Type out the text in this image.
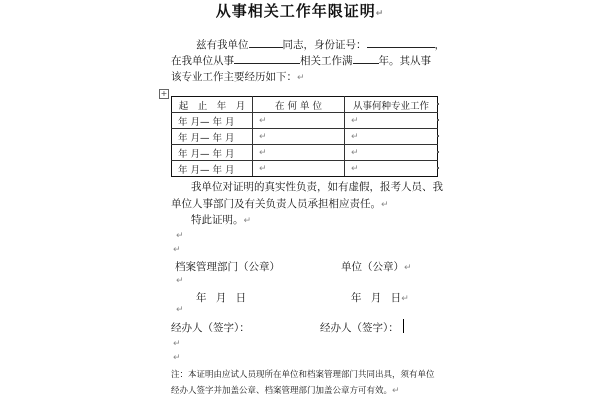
从事相关工作年限证明↵
兹有我单位	同志，身份证号：	，
在我单位从事	相关工作满 年。其从事
该专业工作主要经历如下：↵
+
起　止　年　月	在 何 单 位	从事何种专业工作
年 月— 年 月	↵	↵
年 月— 年 月	↵	↵
年 月— 年 月	↵	↵
年 月— 年 月	↵	↵
我单位对证明的真实性负责，如有虚假，报考人员、我
单位人事部门及有关负责人员承担相应责任。↵
特此证明。↵
↵
↵
档案管理部门（公章）	单位（公章）↵
↵
年 月 日	年 月 日↵
↵
经办人（签字）：	经办人（签字）：
↵
↵
注：本证明由应试人员现所在单位和档案管理部门共同出具，须有单位
经办人签字并加盖公章、档案管理部门加盖公章方可有效。↵
